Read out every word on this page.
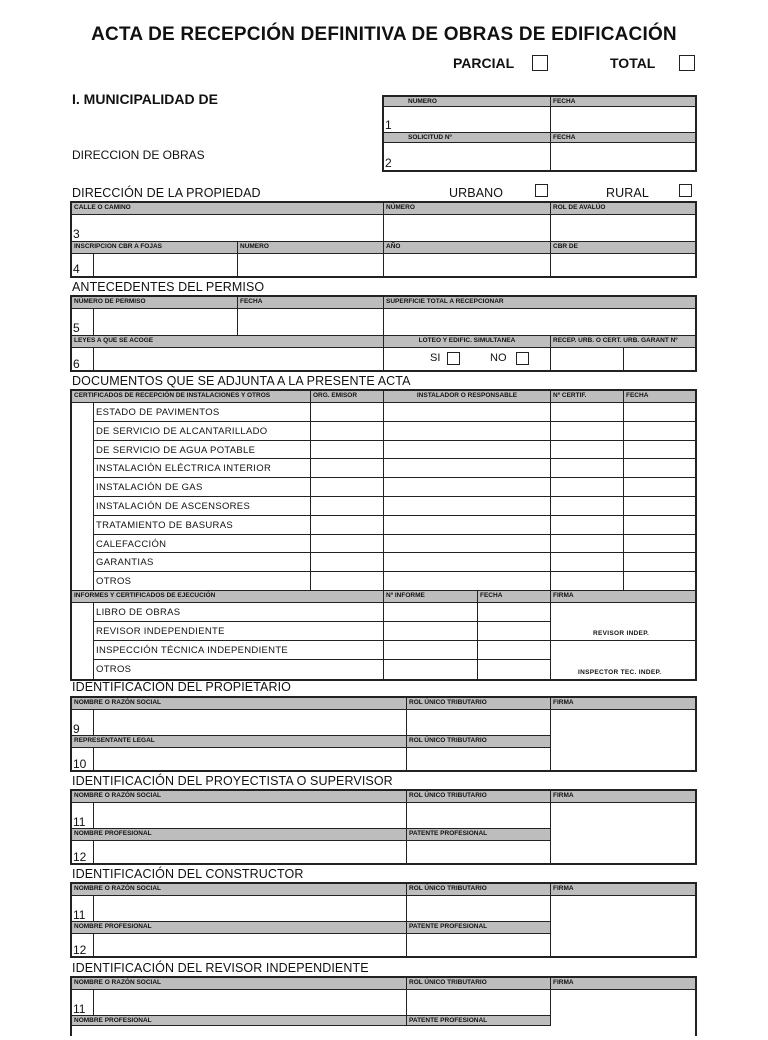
ACTA DE RECEPCIÓN DEFINITIVA DE OBRAS DE EDIFICACIÓN
PARCIAL	TOTAL
I. MUNICIPALIDAD DE
DIRECCION DE OBRAS
NUMERO	FECHA
1
SOLICITUD Nº	FECHA
2
DIRECCIÓN DE LA PROPIEDAD	URBANO	RURAL
CALLE O CAMINO	NÚMERO	ROL DE AVALÚO
3
INSCRIPCION CBR A FOJAS	NUMERO	AÑO	CBR DE
4
ANTECEDENTES DEL PERMISO
NÚMERO DE PERMISO	FECHA	SUPERFICIE TOTAL A RECEPCIONAR
5
LEYES A QUE SE ACOGE	LOTEO Y EDIFIC. SIMULTANEA	RECEP. URB. O CERT. URB. GARANT Nº
6	SI	NO
DOCUMENTOS QUE SE ADJUNTA A LA PRESENTE ACTA
CERTIFICADOS DE RECEPCIÓN DE INSTALACIONES Y OTROS	ORG. EMISOR	INSTALADOR O RESPONSABLE	Nº CERTIF.	FECHA
ESTADO DE PAVIMENTOS
DE SERVICIO DE ALCANTARILLADO
DE SERVICIO DE AGUA POTABLE
INSTALACIÓN ELÉCTRICA INTERIOR
INSTALACIÓN DE GAS
INSTALACIÓN DE ASCENSORES
TRATAMIENTO DE BASURAS
CALEFACCIÓN
GARANTIAS
OTROS
INFORMES Y CERTIFICADOS DE EJECUCIÓN	Nº INFORME	FECHA	FIRMA
LIBRO DE OBRAS
REVISOR INDEPENDIENTE
INSPECCIÓN TÉCNICA INDEPENDIENTE
OTROS
REVISOR INDEP.
INSPECTOR TEC. INDEP.
IDENTIFICACIÓN DEL PROPIETARIO
NOMBRE O RAZÓN SOCIAL	ROL ÚNICO TRIBUTARIO	FIRMA
9
REPRESENTANTE LEGAL	ROL ÚNICO TRIBUTARIO
10
IDENTIFICACIÓN DEL PROYECTISTA O SUPERVISOR
NOMBRE O RAZÓN SOCIAL	ROL ÚNICO TRIBUTARIO	FIRMA
11
NOMBRE PROFESIONAL	PATENTE PROFESIONAL
12
IDENTIFICACIÓN DEL CONSTRUCTOR
NOMBRE O RAZÓN SOCIAL	ROL ÚNICO TRIBUTARIO	FIRMA
11
NOMBRE PROFESIONAL	PATENTE PROFESIONAL
12
IDENTIFICACIÓN DEL REVISOR INDEPENDIENTE
NOMBRE O RAZÓN SOCIAL	ROL ÚNICO TRIBUTARIO	FIRMA
11
NOMBRE PROFESIONAL	PATENTE PROFESIONAL
